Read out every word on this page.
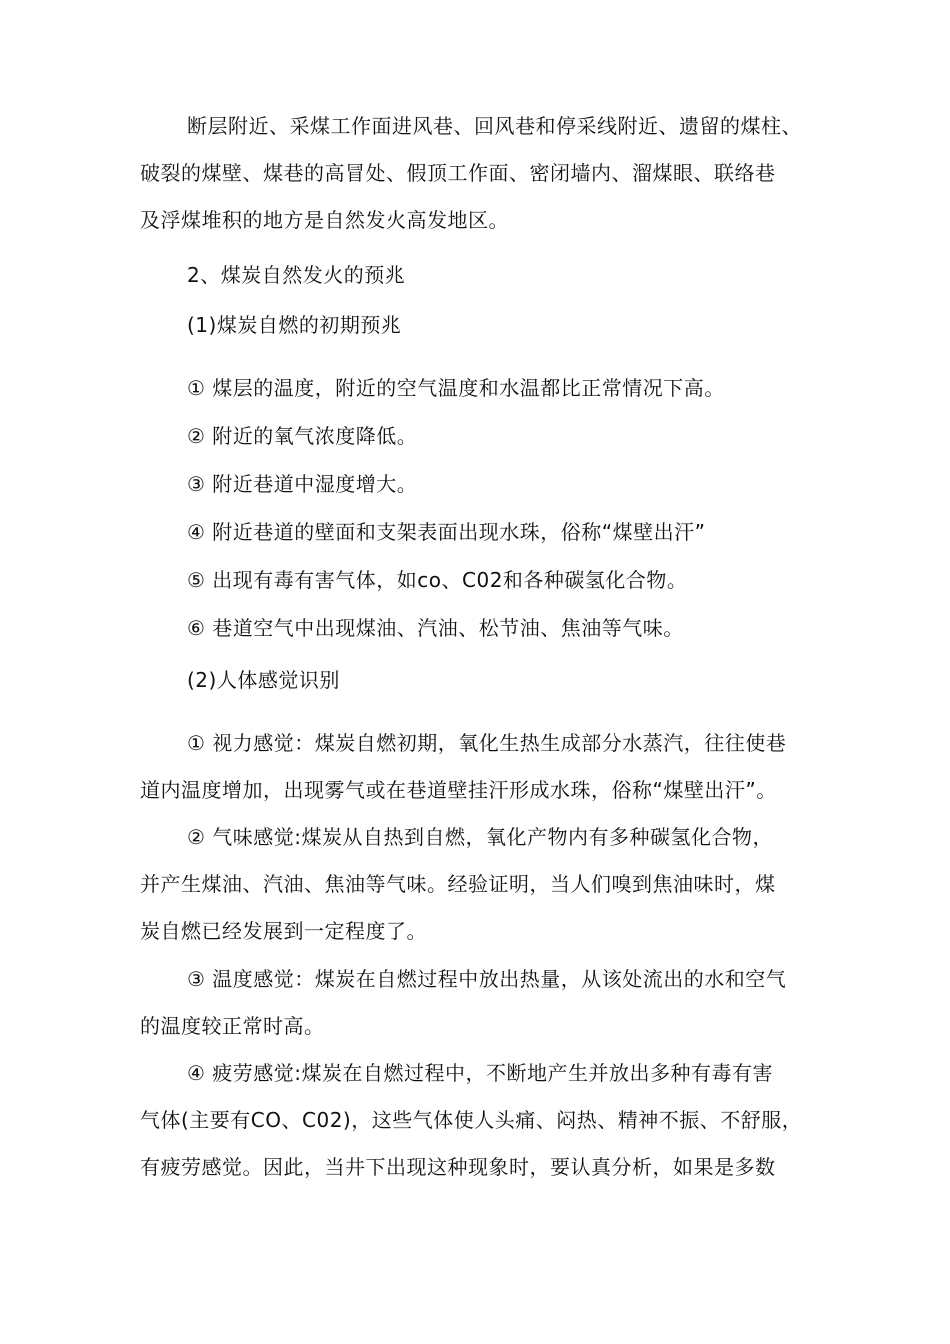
断层附近、采煤工作面进风巷、回风巷和停采线附近、遗留的煤柱、
破裂的煤壁、煤巷的高冒处、假顶工作面、密闭墙内、溜煤眼、联络巷
及浮煤堆积的地方是自然发火高发地区。
2、煤炭自然发火的预兆
(1)煤炭自燃的初期预兆
① 煤层的温度，附近的空气温度和水温都比正常情况下高。
② 附近的氧气浓度降低。
③ 附近巷道中湿度增大。
④ 附近巷道的壁面和支架表面出现水珠，俗称“煤壁出汗”
⑤ 出现有毒有害气体，如co、C02和各种碳氢化合物。
⑥ 巷道空气中出现煤油、汽油、松节油、焦油等气味。
(2)人体感觉识别
① 视力感觉：煤炭自燃初期，氧化生热生成部分水蒸汽，往往使巷
道内温度增加，出现雾气或在巷道壁挂汗形成水珠，俗称“煤壁出汗”。
② 气味感觉:煤炭从自热到自燃，氧化产物内有多种碳氢化合物，
并产生煤油、汽油、焦油等气味。经验证明，当人们嗅到焦油味时，煤
炭自燃已经发展到一定程度了。
③ 温度感觉：煤炭在自燃过程中放出热量，从该处流出的水和空气
的温度较正常时高。
④ 疲劳感觉:煤炭在自燃过程中，不断地产生并放出多种有毒有害
气体(主要有CO、C02)，这些气体使人头痛、闷热、精神不振、不舒服，
有疲劳感觉。因此，当井下出现这种现象时，要认真分析，如果是多数
